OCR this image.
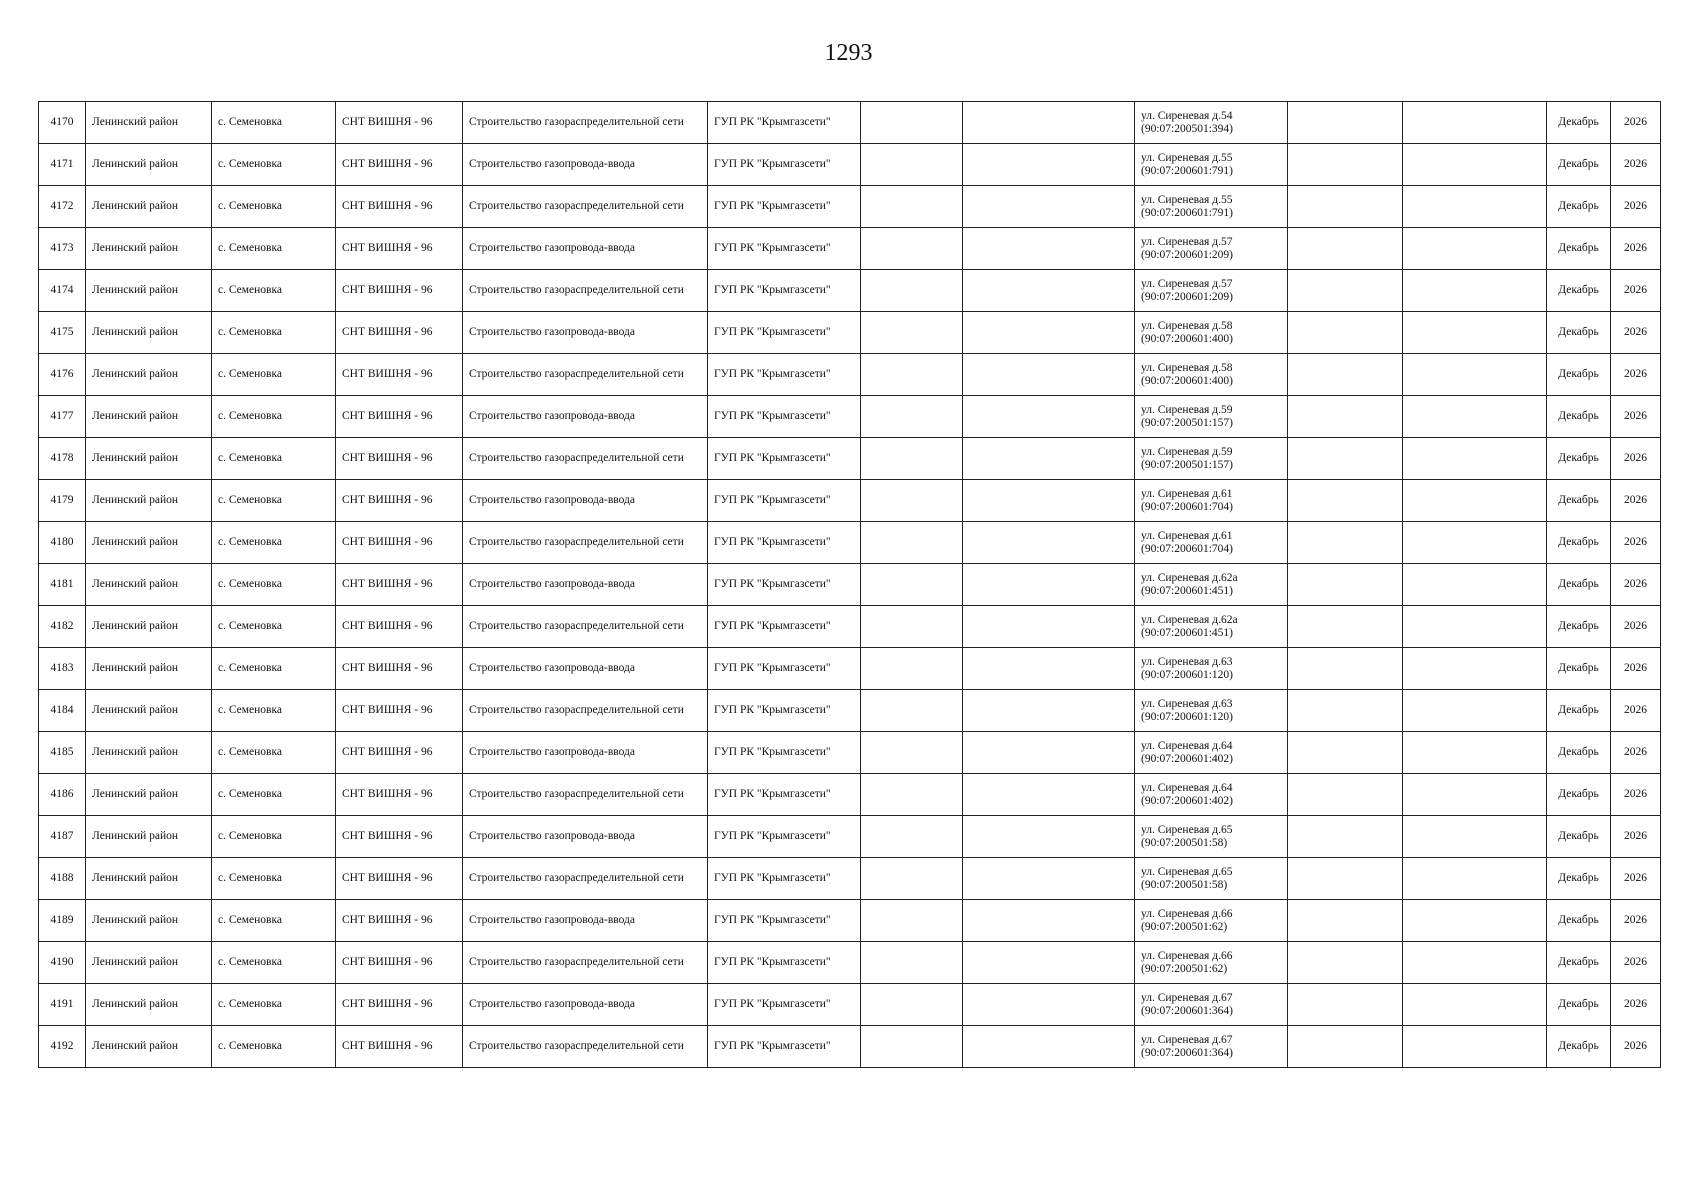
1293
4170	Ленинский район	с. Семеновка	СНТ ВИШНЯ - 96	Строительство газораспределительной сети	ГУП РК "Крымгазсети"			ул. Сиреневая д.54
(90:07:200501:394)			Декабрь	2026
4171	Ленинский район	с. Семеновка	СНТ ВИШНЯ - 96	Строительство газопровода-ввода	ГУП РК "Крымгазсети"			ул. Сиреневая д.55
(90:07:200601:791)			Декабрь	2026
4172	Ленинский район	с. Семеновка	СНТ ВИШНЯ - 96	Строительство газораспределительной сети	ГУП РК "Крымгазсети"			ул. Сиреневая д.55
(90:07:200601:791)			Декабрь	2026
4173	Ленинский район	с. Семеновка	СНТ ВИШНЯ - 96	Строительство газопровода-ввода	ГУП РК "Крымгазсети"			ул. Сиреневая д.57
(90:07:200601:209)			Декабрь	2026
4174	Ленинский район	с. Семеновка	СНТ ВИШНЯ - 96	Строительство газораспределительной сети	ГУП РК "Крымгазсети"			ул. Сиреневая д.57
(90:07:200601:209)			Декабрь	2026
4175	Ленинский район	с. Семеновка	СНТ ВИШНЯ - 96	Строительство газопровода-ввода	ГУП РК "Крымгазсети"			ул. Сиреневая д.58
(90:07:200601:400)			Декабрь	2026
4176	Ленинский район	с. Семеновка	СНТ ВИШНЯ - 96	Строительство газораспределительной сети	ГУП РК "Крымгазсети"			ул. Сиреневая д.58
(90:07:200601:400)			Декабрь	2026
4177	Ленинский район	с. Семеновка	СНТ ВИШНЯ - 96	Строительство газопровода-ввода	ГУП РК "Крымгазсети"			ул. Сиреневая д.59
(90:07:200501:157)			Декабрь	2026
4178	Ленинский район	с. Семеновка	СНТ ВИШНЯ - 96	Строительство газораспределительной сети	ГУП РК "Крымгазсети"			ул. Сиреневая д.59
(90:07:200501:157)			Декабрь	2026
4179	Ленинский район	с. Семеновка	СНТ ВИШНЯ - 96	Строительство газопровода-ввода	ГУП РК "Крымгазсети"			ул. Сиреневая д.61
(90:07:200601:704)			Декабрь	2026
4180	Ленинский район	с. Семеновка	СНТ ВИШНЯ - 96	Строительство газораспределительной сети	ГУП РК "Крымгазсети"			ул. Сиреневая д.61
(90:07:200601:704)			Декабрь	2026
4181	Ленинский район	с. Семеновка	СНТ ВИШНЯ - 96	Строительство газопровода-ввода	ГУП РК "Крымгазсети"			ул. Сиреневая д.62а
(90:07:200601:451)			Декабрь	2026
4182	Ленинский район	с. Семеновка	СНТ ВИШНЯ - 96	Строительство газораспределительной сети	ГУП РК "Крымгазсети"			ул. Сиреневая д.62а
(90:07:200601:451)			Декабрь	2026
4183	Ленинский район	с. Семеновка	СНТ ВИШНЯ - 96	Строительство газопровода-ввода	ГУП РК "Крымгазсети"			ул. Сиреневая д.63
(90:07:200601:120)			Декабрь	2026
4184	Ленинский район	с. Семеновка	СНТ ВИШНЯ - 96	Строительство газораспределительной сети	ГУП РК "Крымгазсети"			ул. Сиреневая д.63
(90:07:200601:120)			Декабрь	2026
4185	Ленинский район	с. Семеновка	СНТ ВИШНЯ - 96	Строительство газопровода-ввода	ГУП РК "Крымгазсети"			ул. Сиреневая д.64
(90:07:200601:402)			Декабрь	2026
4186	Ленинский район	с. Семеновка	СНТ ВИШНЯ - 96	Строительство газораспределительной сети	ГУП РК "Крымгазсети"			ул. Сиреневая д.64
(90:07:200601:402)			Декабрь	2026
4187	Ленинский район	с. Семеновка	СНТ ВИШНЯ - 96	Строительство газопровода-ввода	ГУП РК "Крымгазсети"			ул. Сиреневая д.65
(90:07:200501:58)			Декабрь	2026
4188	Ленинский район	с. Семеновка	СНТ ВИШНЯ - 96	Строительство газораспределительной сети	ГУП РК "Крымгазсети"			ул. Сиреневая д.65
(90:07:200501:58)			Декабрь	2026
4189	Ленинский район	с. Семеновка	СНТ ВИШНЯ - 96	Строительство газопровода-ввода	ГУП РК "Крымгазсети"			ул. Сиреневая д.66
(90:07:200501:62)			Декабрь	2026
4190	Ленинский район	с. Семеновка	СНТ ВИШНЯ - 96	Строительство газораспределительной сети	ГУП РК "Крымгазсети"			ул. Сиреневая д.66
(90:07:200501:62)			Декабрь	2026
4191	Ленинский район	с. Семеновка	СНТ ВИШНЯ - 96	Строительство газопровода-ввода	ГУП РК "Крымгазсети"			ул. Сиреневая д.67
(90:07:200601:364)			Декабрь	2026
4192	Ленинский район	с. Семеновка	СНТ ВИШНЯ - 96	Строительство газораспределительной сети	ГУП РК "Крымгазсети"			ул. Сиреневая д.67
(90:07:200601:364)			Декабрь	2026
